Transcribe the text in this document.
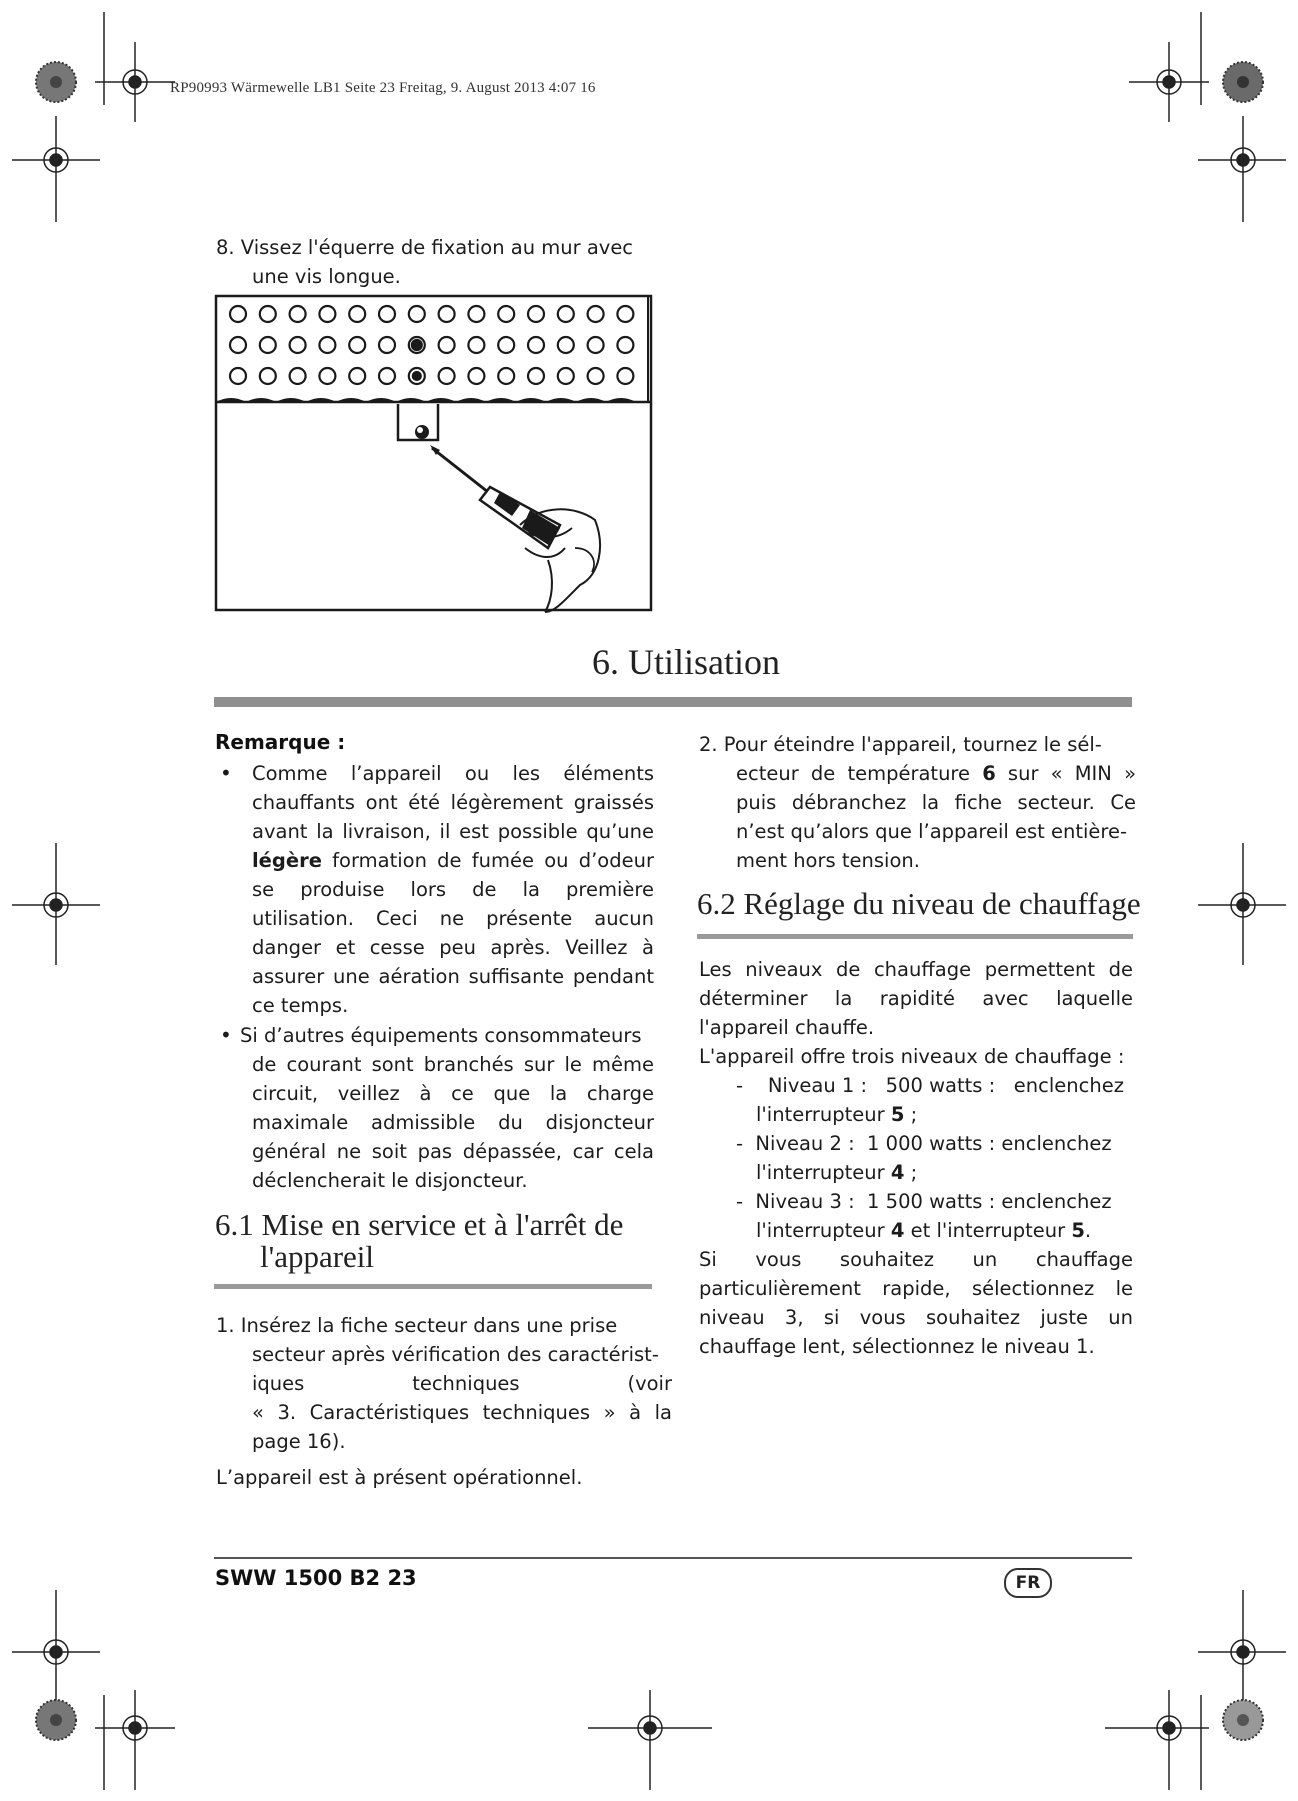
RP90993 Wärmewelle LB1 Seite 23 Freitag, 9. August 2013 4:07 16

8. Vissez l'équerre de fixation au mur avec

une vis longue.

6. Utilisation
Remarque :
• Comme l’appareil ou les éléments

chauffants ont été légèrement graissés

avant la livraison, il est possible qu’une

légère formation de fumée ou d’odeur

se produise lors de la première

utilisation. Ceci ne présente aucun

danger et cesse peu après. Veillez à

assurer une aération suffisante pendant

ce temps.

• Si d’autres équipements consommateurs

de courant sont branchés sur le même

circuit, veillez à ce que la charge

maximale admissible du disjoncteur

général ne soit pas dépassée, car cela

déclencherait le disjoncteur.

6.1 Mise en service et à l'arrêt de
l'appareil

1. Insérez la fiche secteur dans une prise

secteur après vérification des caractérist-

iques techniques (voir

« 3. Caractéristiques techniques » à la

page 16).

L’appareil est à présent opérationnel.

2. Pour éteindre l'appareil, tournez le sél-

ecteur de température 6 sur « MIN »

puis débranchez la fiche secteur. Ce

n’est qu’alors que l’appareil est entière-

ment hors tension.

6.2 Réglage du niveau de chauffage

Les niveaux de chauffage permettent de

déterminer la rapidité avec laquelle

l'appareil chauffe.

L'appareil offre trois niveaux de chauffage :

-    Niveau 1 :   500 watts :   enclenchez

l'interrupteur 5 ;

-  Niveau 2 :  1 000 watts : enclenchez

l'interrupteur 4 ;

-  Niveau 3 :  1 500 watts : enclenchez

l'interrupteur 4 et l'interrupteur 5.

Si vous souhaitez un chauffage

particulièrement rapide, sélectionnez le

niveau 3, si vous souhaitez juste un

chauffage lent, sélectionnez le niveau 1.

SWW 1500 B2 23	FR
